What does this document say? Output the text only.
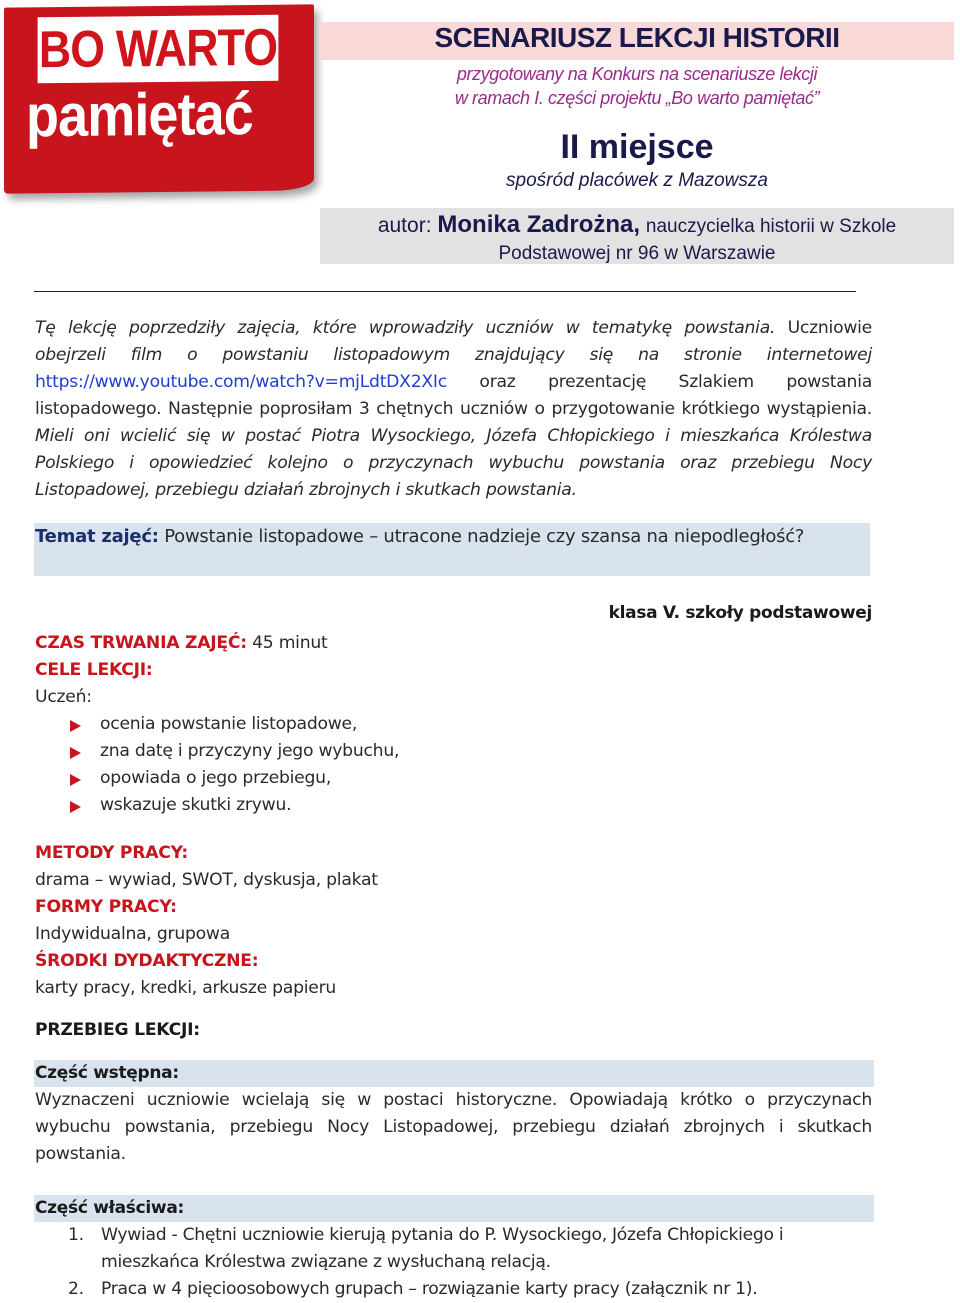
BO WARTO
pamiętać
SCENARIUSZ LEKCJI HISTORII
przygotowany na Konkurs na scenariusze lekcji
w ramach I. części projektu „Bo warto pamiętać”
II miejsce
spośród placówek z Mazowsza
autor: Monika Zadrożna, nauczycielka historii w Szkole
Podstawowej nr 96 w Warszawie
Tę lekcję poprzedziły zajęcia, które wprowadziły uczniów w tematykę powstania. Uczniowie obejrzeli film o powstaniu listopadowym znajdujący się na stronie internetowej https://www.youtube.com/watch?v=mjLdtDX2XIc oraz prezentację Szlakiem powstania listopadowego. Następnie poprosiłam 3 chętnych uczniów o przygotowanie krótkiego wystąpienia. Mieli oni wcielić się w postać Piotra Wysockiego, Józefa Chłopickiego i mieszkańca Królestwa Polskiego i opowiedzieć kolejno o przyczynach wybuchu powstania oraz przebiegu Nocy Listopadowej, przebiegu działań zbrojnych i skutkach powstania.
Temat zajęć: Powstanie listopadowe – utracone nadzieje czy szansa na niepodległość?
klasa V. szkoły podstawowej
CZAS TRWANIA ZAJĘĆ: 45 minut
CELE LEKCJI:
Uczeń:
ocenia powstanie listopadowe,
zna datę i przyczyny jego wybuchu,
opowiada o jego przebiegu,
wskazuje skutki zrywu.
METODY PRACY:
drama – wywiad, SWOT, dyskusja, plakat
FORMY PRACY:
Indywidualna, grupowa
ŚRODKI DYDAKTYCZNE:
karty pracy, kredki, arkusze papieru
PRZEBIEG LEKCJI:
Część wstępna:
Wyznaczeni uczniowie wcielają się w postaci historyczne. Opowiadają krótko o przyczynach wybuchu powstania, przebiegu Nocy Listopadowej, przebiegu działań zbrojnych i skutkach powstania.
Część właściwa:
1. Wywiad - Chętni uczniowie kierują pytania do P. Wysockiego, Józefa Chłopickiego i mieszkańca Królestwa związane z wysłuchaną relacją.
2. Praca w 4 pięcioosobowych grupach – rozwiązanie karty pracy (załącznik nr 1).
